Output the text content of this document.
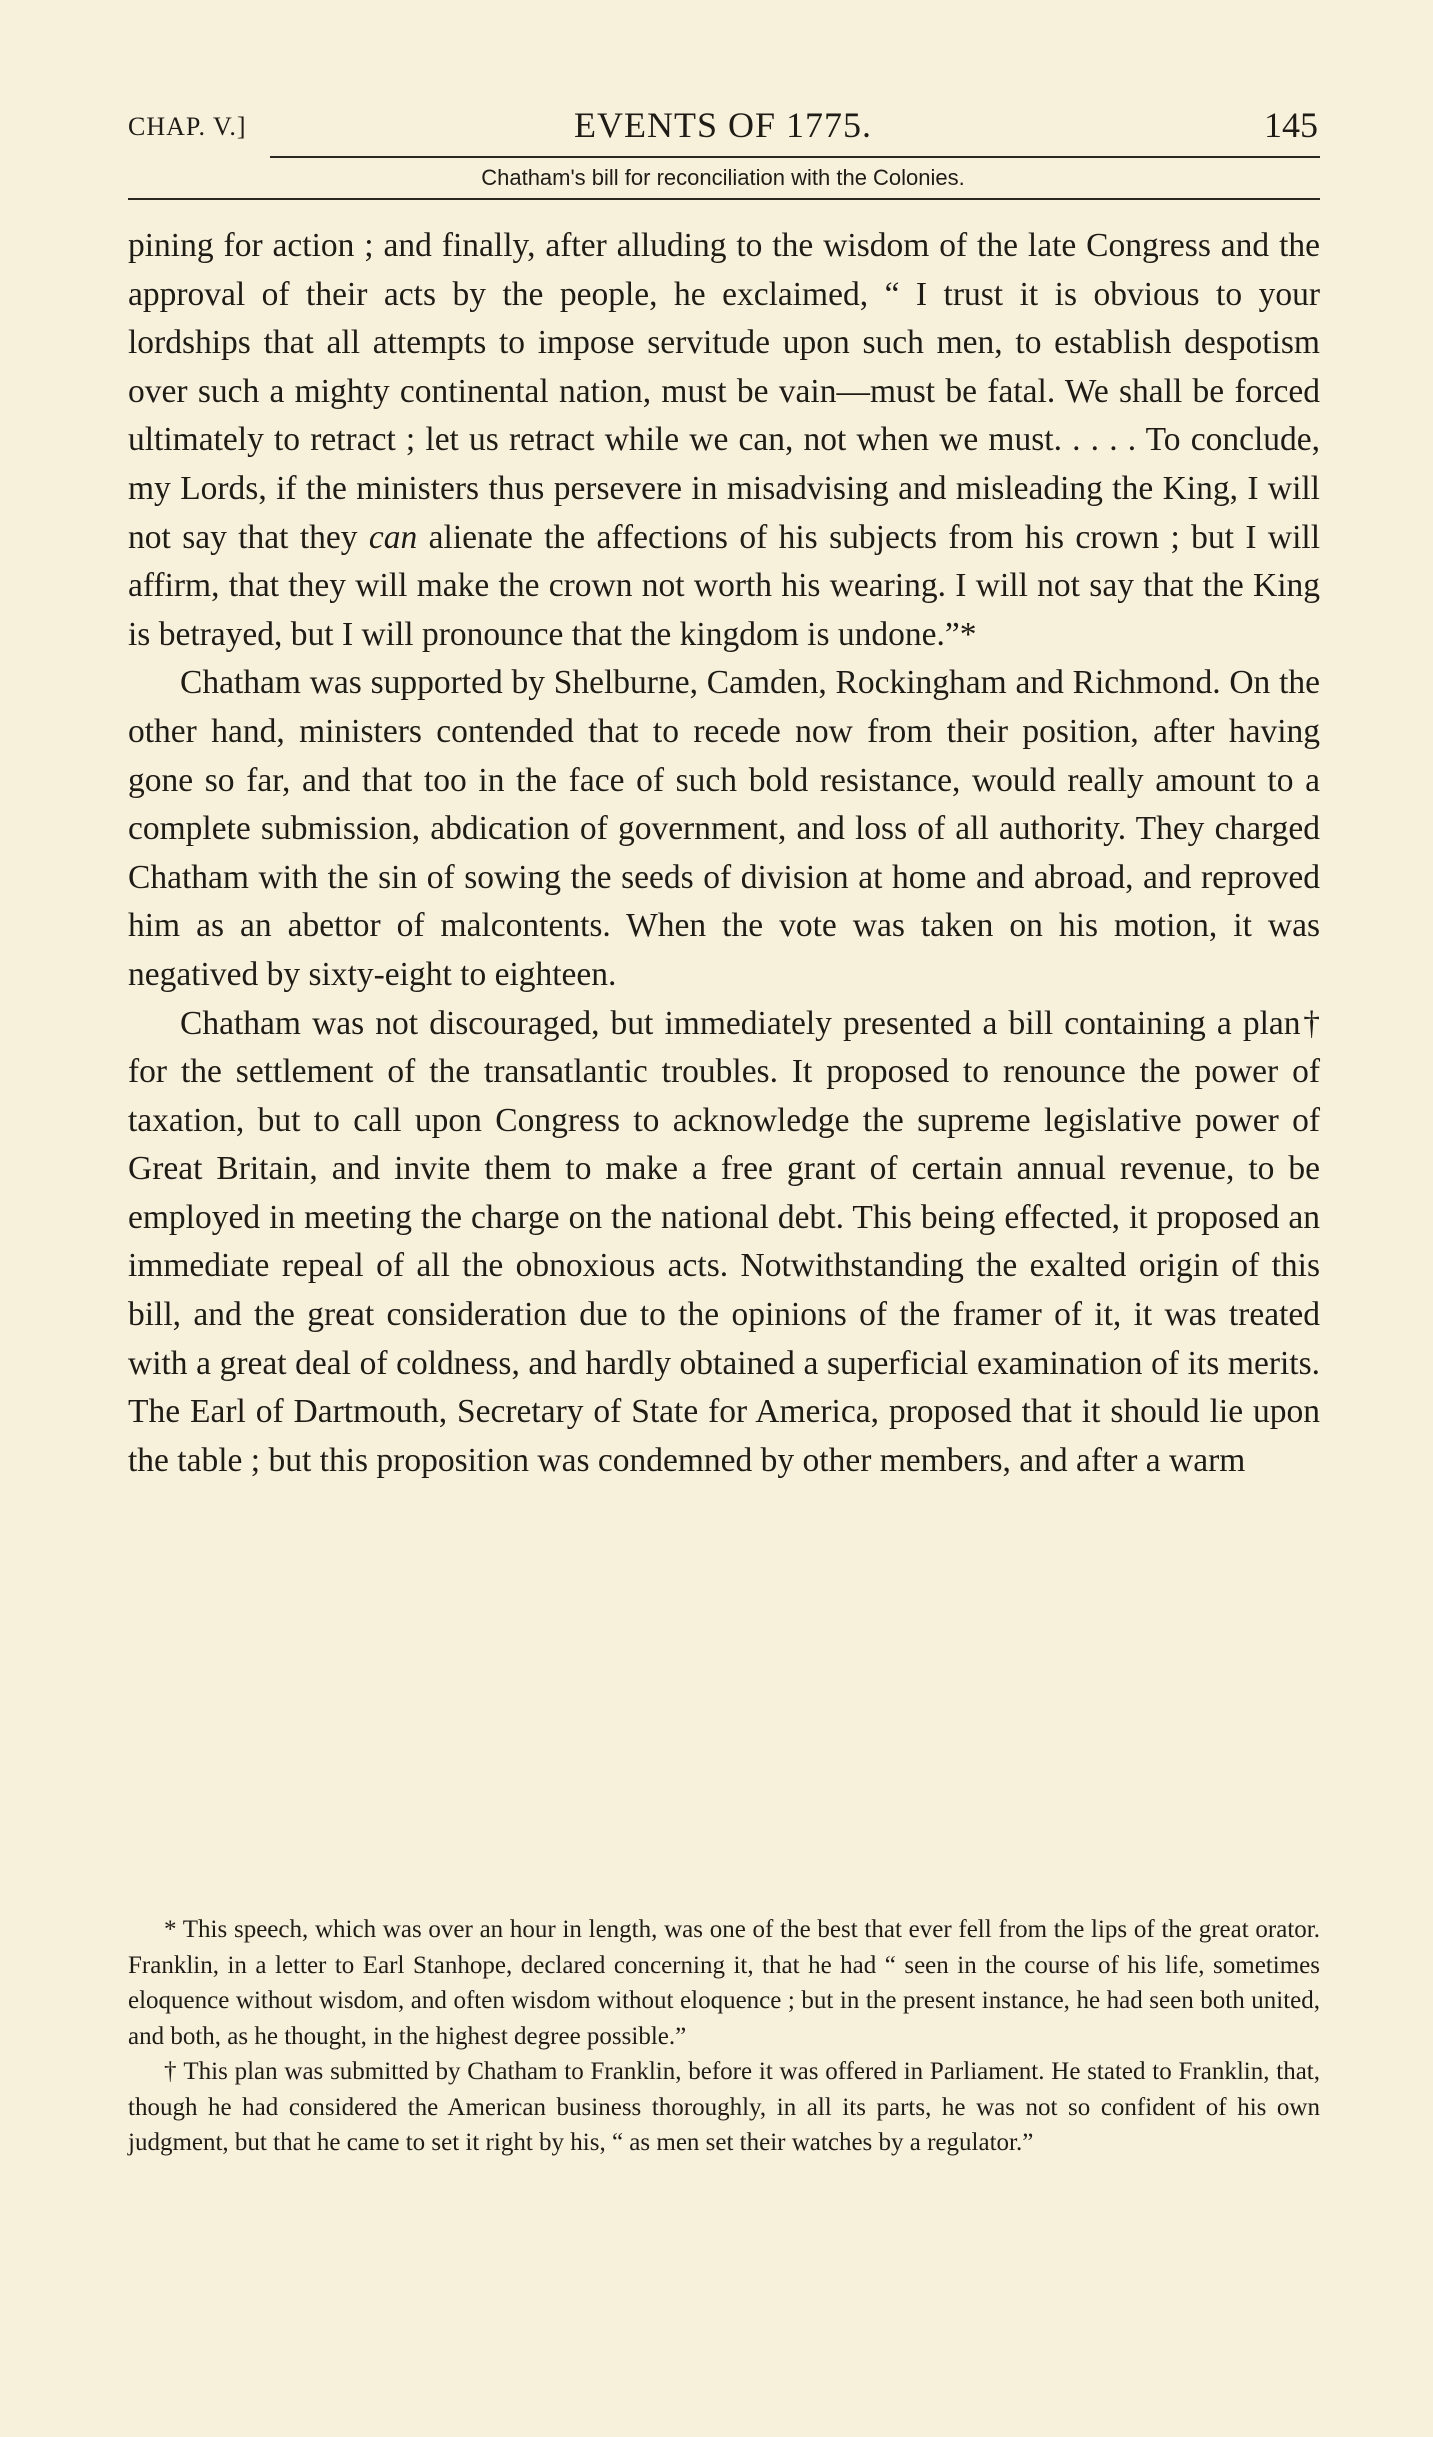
CHAP. V.]	EVENTS OF 1775.	145
Chatham's bill for reconciliation with the Colonies.

pining for action ; and finally, after alluding to the wisdom of the late Congress and the approval of their acts by the people, he exclaimed, “ I trust it is obvious to your lordships that all attempts to impose servitude upon such men, to establish despotism over such a mighty continental nation, must be vain—must be fatal. We shall be forced ultimately to retract ; let us retract while we can, not when we must. . . . . To conclude, my Lords, if the ministers thus persevere in misadvising and misleading the King, I will not say that they can alienate the affections of his subjects from his crown ; but I will affirm, that they will make the crown not worth his wearing. I will not say that the King is betrayed, but I will pronounce that the kingdom is undone.”*

Chatham was supported by Shelburne, Camden, Rockingham and Richmond. On the other hand, ministers contended that to recede now from their position, after having gone so far, and that too in the face of such bold resistance, would really amount to a complete submission, abdication of government, and loss of all authority. They charged Chatham with the sin of sowing the seeds of division at home and abroad, and reproved him as an abettor of malcontents. When the vote was taken on his motion, it was negatived by sixty-eight to eighteen.

Chatham was not discouraged, but immediately presented a bill containing a plan† for the settlement of the transatlantic troubles. It proposed to renounce the power of taxation, but to call upon Congress to acknowledge the supreme legislative power of Great Britain, and invite them to make a free grant of certain annual revenue, to be employed in meeting the charge on the national debt. This being effected, it proposed an immediate repeal of all the obnoxious acts. Notwithstanding the exalted origin of this bill, and the great consideration due to the opinions of the framer of it, it was treated with a great deal of coldness, and hardly obtained a superficial examination of its merits. The Earl of Dartmouth, Secretary of State for America, proposed that it should lie upon the table ; but this proposition was condemned by other members, and after a warm

* This speech, which was over an hour in length, was one of the best that ever fell from the lips of the great orator. Franklin, in a letter to Earl Stanhope, declared concerning it, that he had “ seen in the course of his life, sometimes eloquence without wisdom, and often wisdom without eloquence ; but in the present instance, he had seen both united, and both, as he thought, in the highest degree possible.”

† This plan was submitted by Chatham to Franklin, before it was offered in Parliament. He stated to Franklin, that, though he had considered the American business thoroughly, in all its parts, he was not so confident of his own judgment, but that he came to set it right by his, “ as men set their watches by a regulator.”
